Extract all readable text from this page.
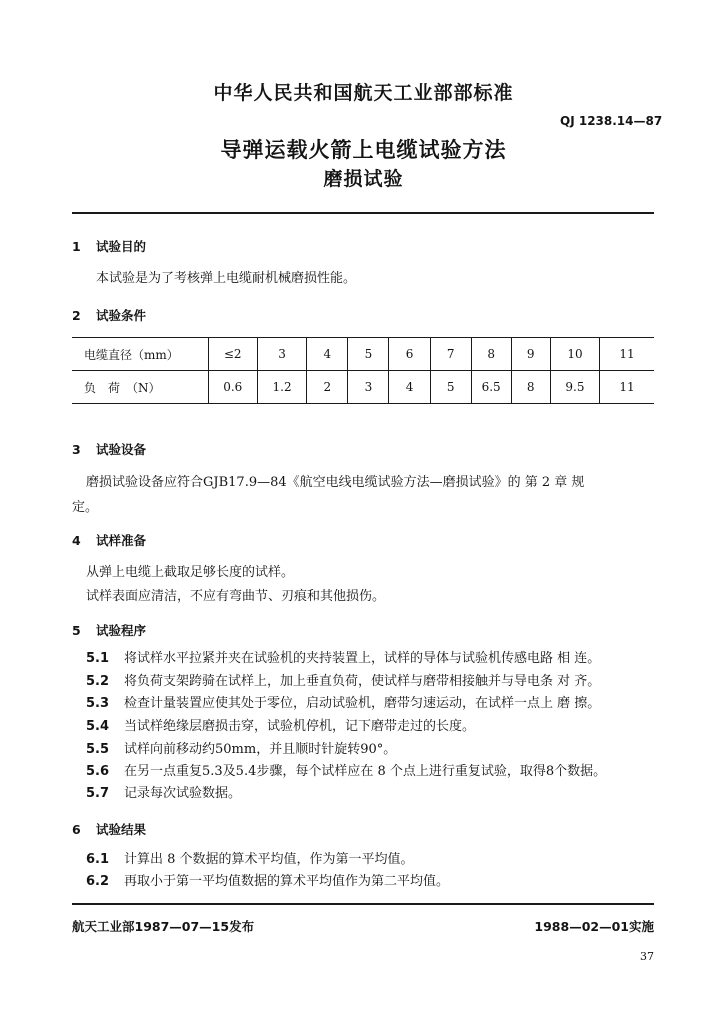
中华人民共和国航天工业部部标准
QJ 1238.14—87
导弹运载火箭上电缆试验方法
磨损试验
1 试验目的
本试验是为了考核弹上电缆耐机械磨损性能。
2 试验条件
电缆直径（mm）	≤2	3	4	5	6	7	8	9	10	11
负　荷　（N）	0.6	1.2	2	3	4	5	6.5	8	9.5	11
3 试验设备
磨损试验设备应符合GJB17.9—84《航空电线电缆试验方法—磨损试验》的 第 2 章 规
定。
4 试样准备
从弹上电缆上截取足够长度的试样。
试样表面应清洁，不应有弯曲节、刃痕和其他损伤。
5 试验程序
5.1 将试样水平拉紧并夹在试验机的夹持装置上，试样的导体与试验机传感电路 相 连。
5.2 将负荷支架跨骑在试样上，加上垂直负荷，使试样与磨带相接触并与导电条 对 齐。
5.3 检查计量装置应使其处于零位，启动试验机，磨带匀速运动，在试样一点上 磨 擦。
5.4 当试样绝缘层磨损击穿，试验机停机，记下磨带走过的长度。
5.5 试样向前移动约50mm，并且顺时针旋转90°。
5.6 在另一点重复5.3及5.4步骤，每个试样应在 8 个点上进行重复试验，取得8个数据。
5.7 记录每次试验数据。
6 试验结果
6.1 计算出 8 个数据的算术平均值，作为第一平均值。
6.2 再取小于第一平均值数据的算术平均值作为第二平均值。
航天工业部1987—07—15发布	1988—02—01实施
37
